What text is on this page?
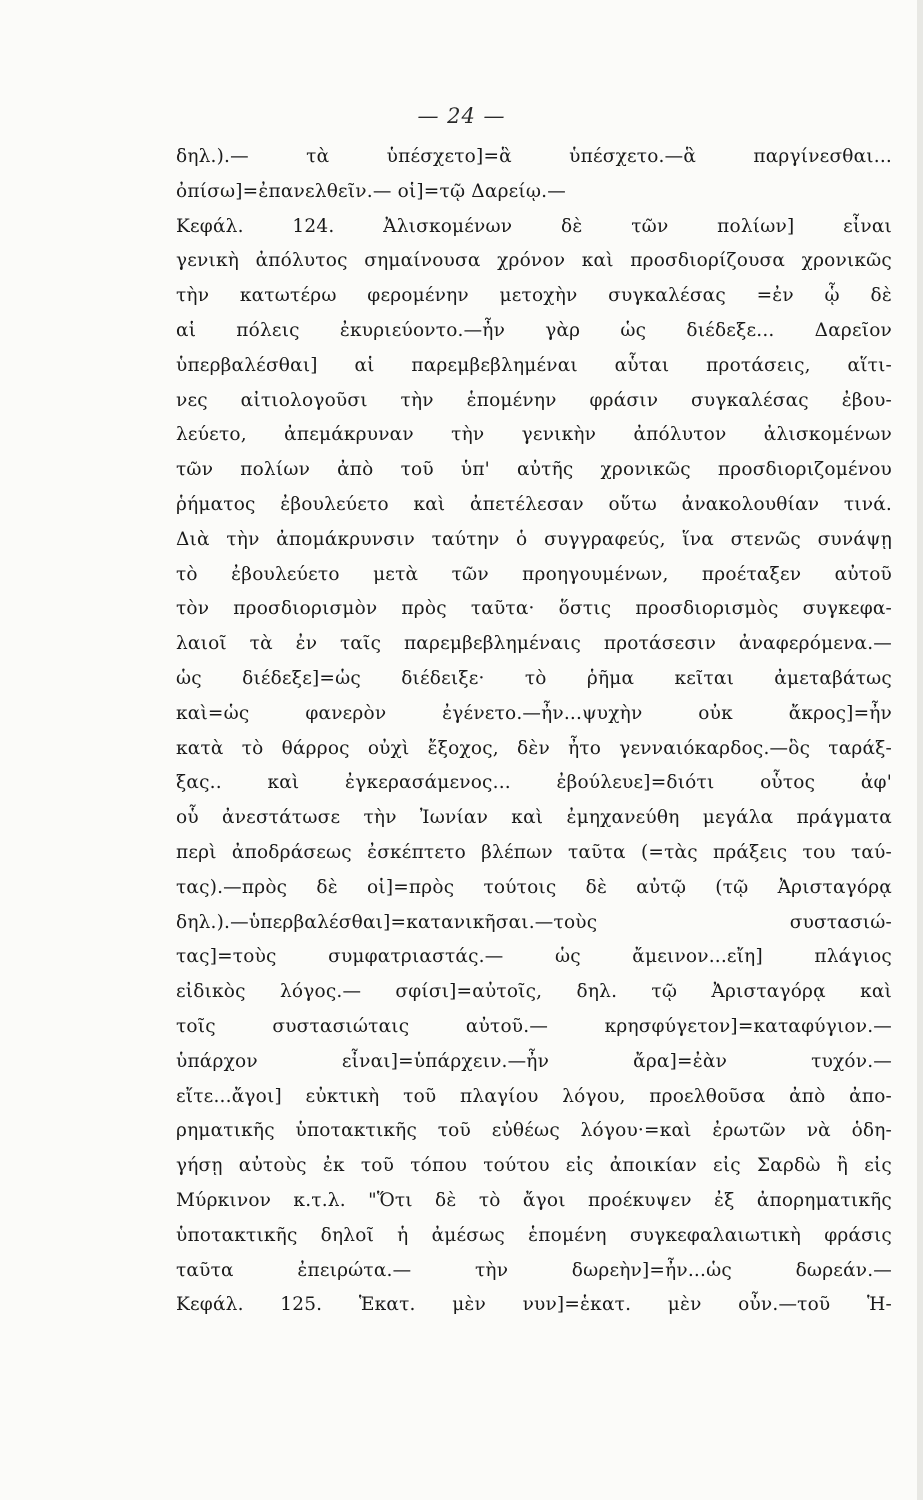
— 24 —
δηλ.).— τὰ ὑπέσχετο]=ἃ ὑπέσχετο.—ἃ παργίνεσθαι...
ὀπίσω]=ἐπανελθεῖν.— οἱ]=τῷ Δαρείῳ.—
Κεφάλ. 124. Ἀλισκομένων δὲ τῶν πολίων] εἶναι
γενικὴ ἀπόλυτος σημαίνουσα χρόνον καὶ προσδιορίζουσα χρονικῶς
τὴν κατωτέρω φερομένην μετοχὴν συγκαλέσας =ἐν ᾧ δὲ
αἱ πόλεις ἐκυριεύοντο.—ἦν γὰρ ὡς διέδεξε... Δαρεῖον
ὑπερβαλέσθαι] αἱ παρεμβεβλημέναι αὗται προτάσεις, αἵτι-
νες αἰτιολογοῦσι τὴν ἑπομένην φράσιν συγκαλέσας ἐβου-
λεύετο, ἀπεμάκρυναν τὴν γενικὴν ἀπόλυτον ἀλισκομένων
τῶν πολίων ἀπὸ τοῦ ὑπ' αὐτῆς χρονικῶς προσδιοριζομένου
ῥήματος ἐβουλεύετο καὶ ἀπετέλεσαν οὕτω ἀνακολουθίαν τινά.
Διὰ τὴν ἀπομάκρυνσιν ταύτην ὁ συγγραφεύς, ἵνα στενῶς συνάψῃ
τὸ ἐβουλεύετο μετὰ τῶν προηγουμένων, προέταξεν αὐτοῦ
τὸν προσδιορισμὸν πρὸς ταῦτα· ὅστις προσδιορισμὸς συγκεφα-
λαιοῖ τὰ ἐν ταῖς παρεμβεβλημέναις προτάσεσιν ἀναφερόμενα.—
ὡς διέδεξε]=ὡς διέδειξε· τὸ ῥῆμα κεῖται ἀμεταβάτως
καὶ=ὡς φανερὸν ἐγένετο.—ἦν...ψυχὴν οὐκ ἄκρος]=ἦν
κατὰ τὸ θάρρος οὐχὶ ἔξοχος, δὲν ἦτο γενναιόκαρδος.—ὃς ταράξ-
ξας.. καὶ ἐγκερασάμενος... ἐβούλευε]=διότι οὗτος ἀφ'
οὗ ἀνεστάτωσε τὴν Ἰωνίαν καὶ ἐμηχανεύθη μεγάλα πράγματα
περὶ ἀποδράσεως ἐσκέπτετο βλέπων ταῦτα (=τὰς πράξεις του ταύ-
τας).—πρὸς δὲ οἱ]=πρὸς τούτοις δὲ αὐτῷ (τῷ Ἀρισταγόρᾳ
δηλ.).—ὑπερβαλέσθαι]=κατανικῆσαι.—τοὺς συστασιώ-
τας]=τοὺς συμφατριαστάς.— ὡς ἄμεινον...εἴη] πλάγιος
εἰδικὸς λόγος.— σφίσι]=αὐτοῖς, δηλ. τῷ Ἀρισταγόρᾳ καὶ
τοῖς συστασιώταις αὐτοῦ.— κρησφύγετον]=καταφύγιον.—
ὑπάρχον εἶναι]=ὑπάρχειν.—ἦν ἄρα]=ἐὰν τυχόν.—
εἴτε...ἄγοι] εὐκτικὴ τοῦ πλαγίου λόγου, προελθοῦσα ἀπὸ ἀπο-
ρηματικῆς ὑποτακτικῆς τοῦ εὐθέως λόγου·=καὶ ἐρωτῶν νὰ ὁδη-
γήσῃ αὐτοὺς ἐκ τοῦ τόπου τούτου εἰς ἀποικίαν εἰς Σαρδὼ ἢ εἰς
Μύρκινον κ.τ.λ. "Ὅτι δὲ τὸ ἄγοι προέκυψεν ἐξ ἀπορηματικῆς
ὑποτακτικῆς δηλοῖ ἡ ἀμέσως ἑπομένη συγκεφαλαιωτικὴ φράσις
ταῦτα ἐπειρώτα.— τὴν δωρεὴν]=ἦν...ὡς δωρεάν.—
Κεφάλ. 125. Ἑκατ. μὲν νυν]=ἑκατ. μὲν οὖν.—τοῦ Ἡ-
